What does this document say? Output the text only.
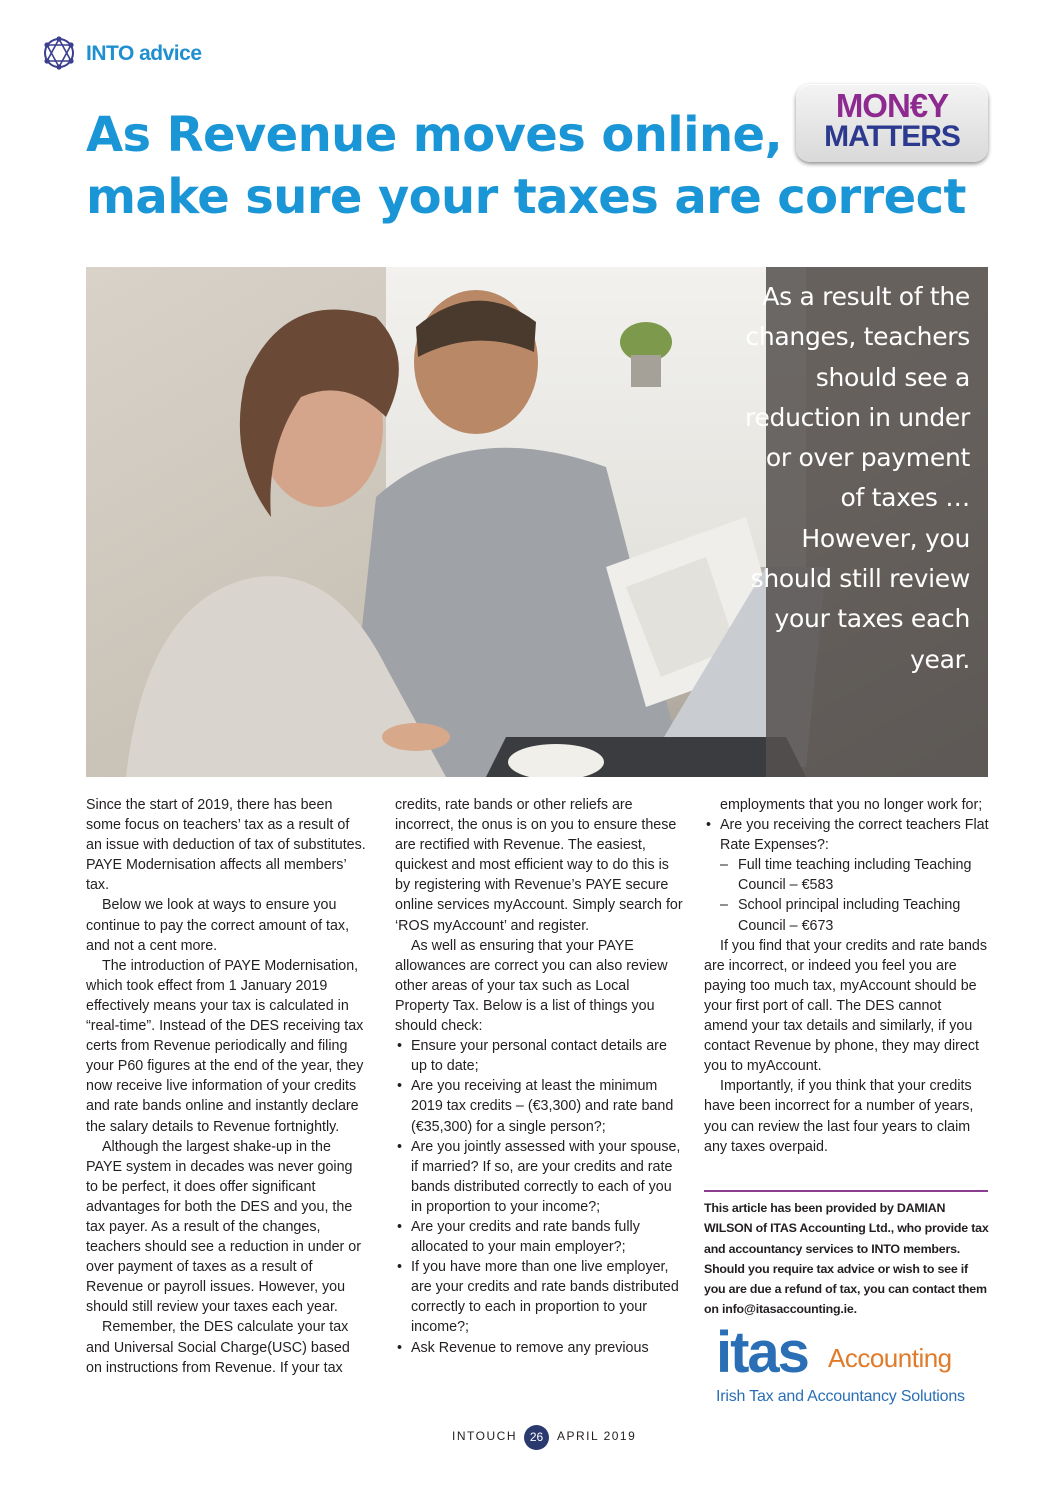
INTO advice
As Revenue moves online,
make sure your taxes are correct
MON€Y
MATTERS

As a result of the changes, teachers should see a reduction in under or over payment of taxes … However, you should still review your taxes each year.

Since the start of 2019, there has been some focus on teachers’ tax as a result of an issue with deduction of tax of substitutes. PAYE Modernisation affects all members’ tax.

Below we look at ways to ensure you continue to pay the correct amount of tax, and not a cent more.

The introduction of PAYE Modernisation, which took effect from 1 January 2019 effectively means your tax is calculated in “real-time”. Instead of the DES receiving tax certs from Revenue periodically and filing your P60 figures at the end of the year, they now receive live information of your credits and rate bands online and instantly declare the salary details to Revenue fortnightly.

Although the largest shake-up in the PAYE system in decades was never going to be perfect, it does offer significant advantages for both the DES and you, the tax payer. As a result of the changes, teachers should see a reduction in under or over payment of taxes as a result of Revenue or payroll issues. However, you should still review your taxes each year.

Remember, the DES calculate your tax and Universal Social Charge(USC) based on instructions from Revenue. If your tax

credits, rate bands or other reliefs are incorrect, the onus is on you to ensure these are rectified with Revenue. The easiest, quickest and most efficient way to do this is by registering with Revenue’s PAYE secure online services myAccount. Simply search for ‘ROS myAccount’ and register.

As well as ensuring that your PAYE allowances are correct you can also review other areas of your tax such as Local Property Tax. Below is a list of things you should check:

• Ensure your personal contact details are up to date;
• Are you receiving at least the minimum 2019 tax credits – (€3,300) and rate band (€35,300) for a single person?;
• Are you jointly assessed with your spouse, if married? If so, are your credits and rate bands distributed correctly to each of you in proportion to your income?;
• Are your credits and rate bands fully allocated to your main employer?;
• If you have more than one live employer, are your credits and rate bands distributed correctly to each in proportion to your income?;
• Ask Revenue to remove any previous

employments that you no longer work for;

• Are you receiving the correct teachers Flat Rate Expenses?:
– Full time teaching including Teaching Council – €583
– School principal including Teaching Council – €673

If you find that your credits and rate bands are incorrect, or indeed you feel you are paying too much tax, myAccount should be your first port of call. The DES cannot amend your tax details and similarly, if you contact Revenue by phone, they may direct you to myAccount.

Importantly, if you think that your credits have been incorrect for a number of years, you can review the last four years to claim any taxes overpaid.

This article has been provided by DAMIAN WILSON of ITAS Accounting Ltd., who provide tax and accountancy services to INTO members. Should you require tax advice or wish to see if you are due a refund of tax, you can contact them on info@itasaccounting.ie.

itas Accounting
Irish Tax and Accountancy Solutions
INTOUCH	26	APRIL 2019
